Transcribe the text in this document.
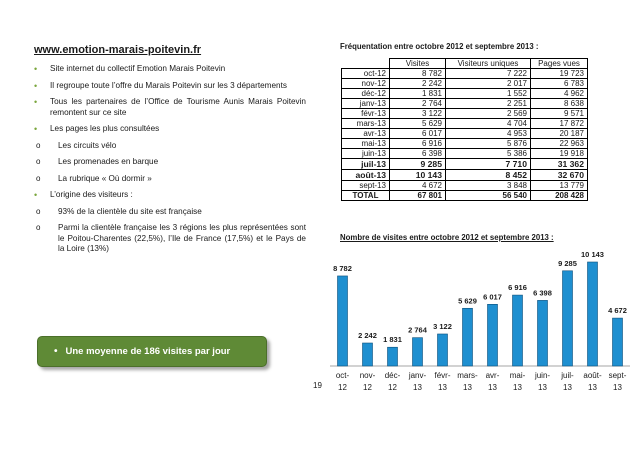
www.emotion-marais-poitevin.fr
• Site internet du collectif Emotion Marais Poitevin
• Il regroupe toute l’offre du Marais Poitevin sur les 3 départements
• Tous les partenaires de l’Office de Tourisme Aunis Marais Poitevin remontent sur ce site
• Les pages les plus consultées
o Les circuits vélo
o Les promenades en barque
o La rubrique « Où dormir »
• L’origine des visiteurs :
o 93% de la clientèle du site est française
o Parmi la clientèle française les 3 régions les plus représentées sont le Poitou-Charentes (22,5%), l’Ile de France (17,5%) et le Pays de la Loire (13%)
• Une moyenne de 186 visites par jour
19
Fréquentation entre octobre 2012 et septembre 2013 :
	Visites	Visiteurs uniques	Pages vues
oct-12	8 782	7 222	19 723
nov-12	2 242	2 017	6 783
déc-12	1 831	1 552	4 962
janv-13	2 764	2 251	8 638
févr-13	3 122	2 569	9 571
mars-13	5 629	4 704	17 872
avr-13	6 017	4 953	20 187
mai-13	6 916	5 876	22 963
juin-13	6 398	5 386	19 918
juil-13	9 285	7 710	31 362
août-13	10 143	8 452	32 670
sept-13	4 672	3 848	13 779
TOTAL	67 801	56 540	208 428
Nombre de visites entre octobre 2012 et septembre 2013 :
8 782
oct-
12
2 242
nov-
12
1 831
déc-
12
2 764
janv-
13
3 122
févr-
13
5 629
mars-
13
6 017
avr-
13
6 916
mai-
13
6 398
juin-
13
9 285
juil-
13
10 143
août-
13
4 672
sept-
13
